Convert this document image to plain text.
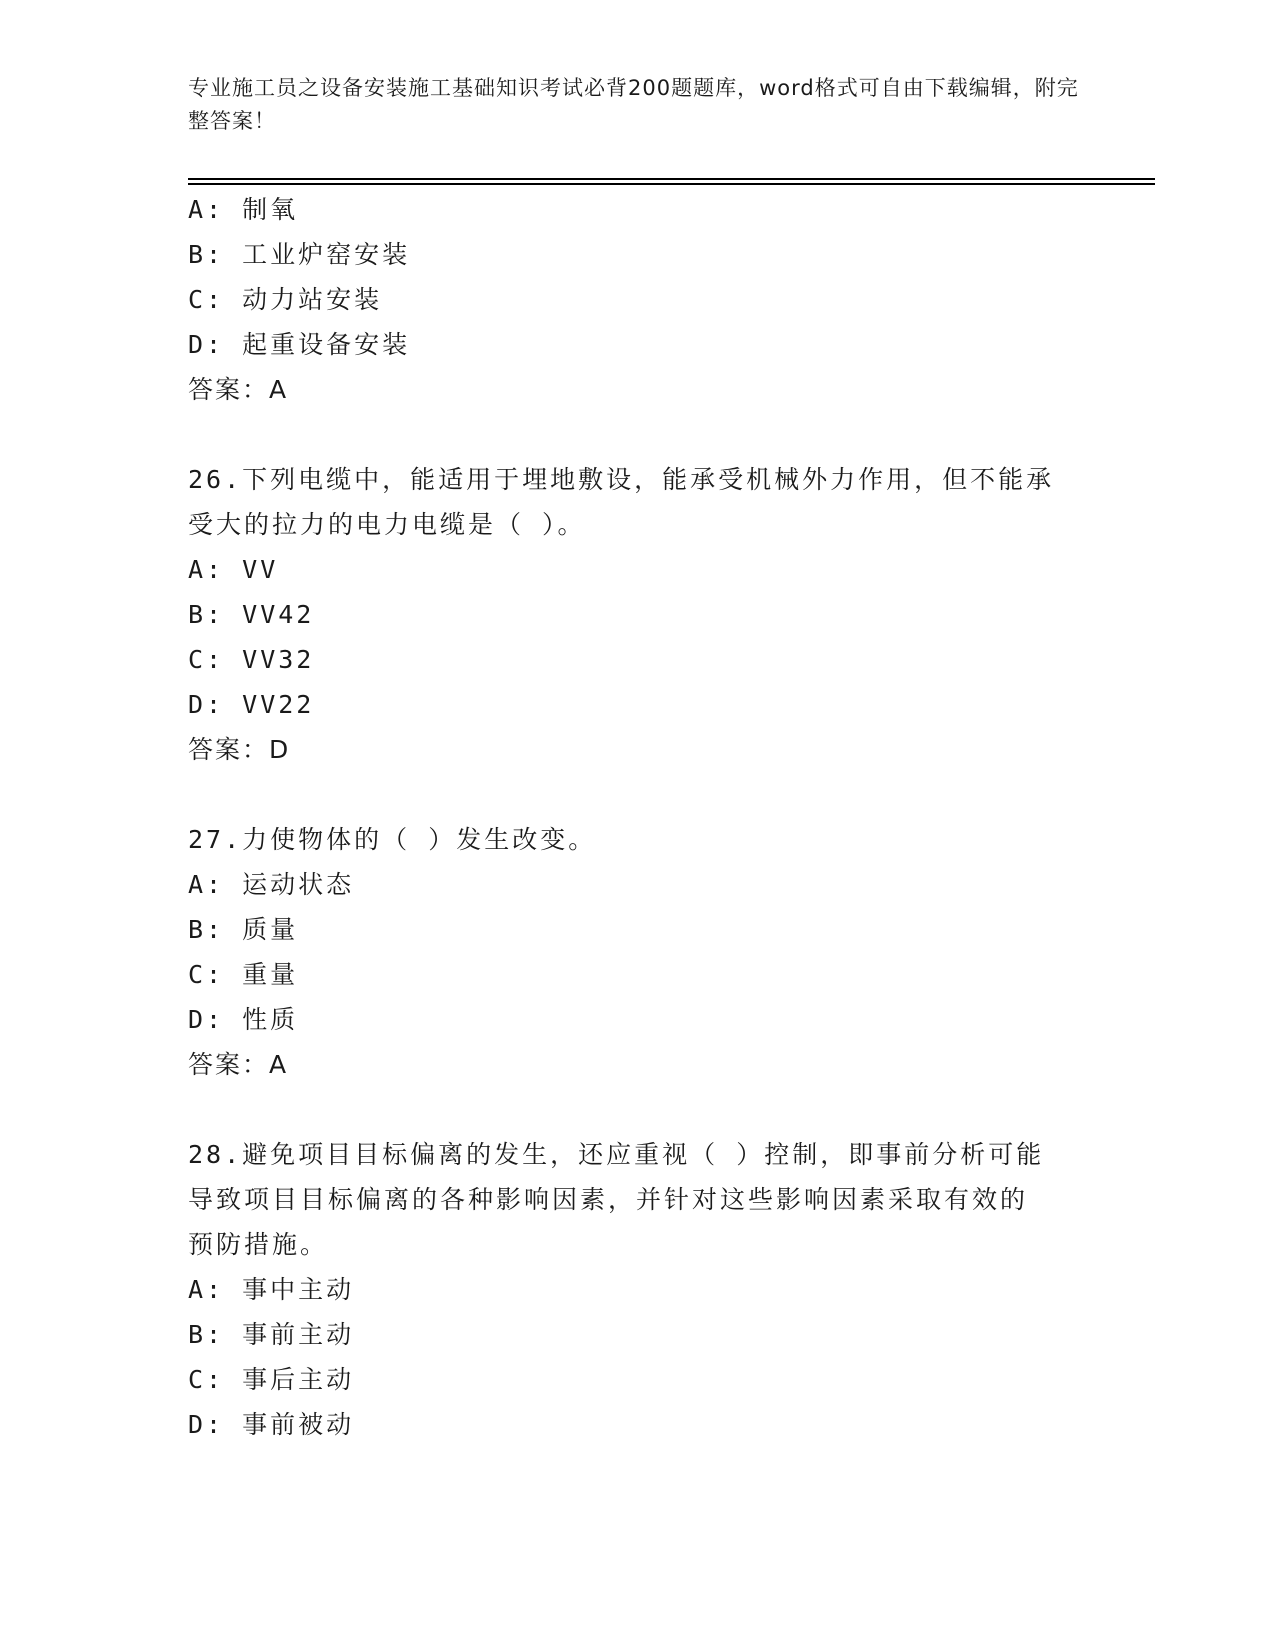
专业施工员之设备安装施工基础知识考试必背200题题库，word格式可自由下载编辑，附完整答案！
A: 制氧
B: 工业炉窑安装
C: 动力站安装
D: 起重设备安装
答案：A
26.下列电缆中，能适用于埋地敷设，能承受机械外力作用，但不能承
受大的拉力的电力电缆是（ ）。
A: VV
B: VV42
C: VV32
D: VV22
答案：D
27.力使物体的（ ）发生改变。
A: 运动状态
B: 质量
C: 重量
D: 性质
答案：A
28.避免项目目标偏离的发生，还应重视（ ）控制，即事前分析可能
导致项目目标偏离的各种影响因素，并针对这些影响因素采取有效的
预防措施。
A: 事中主动
B: 事前主动
C: 事后主动
D: 事前被动
